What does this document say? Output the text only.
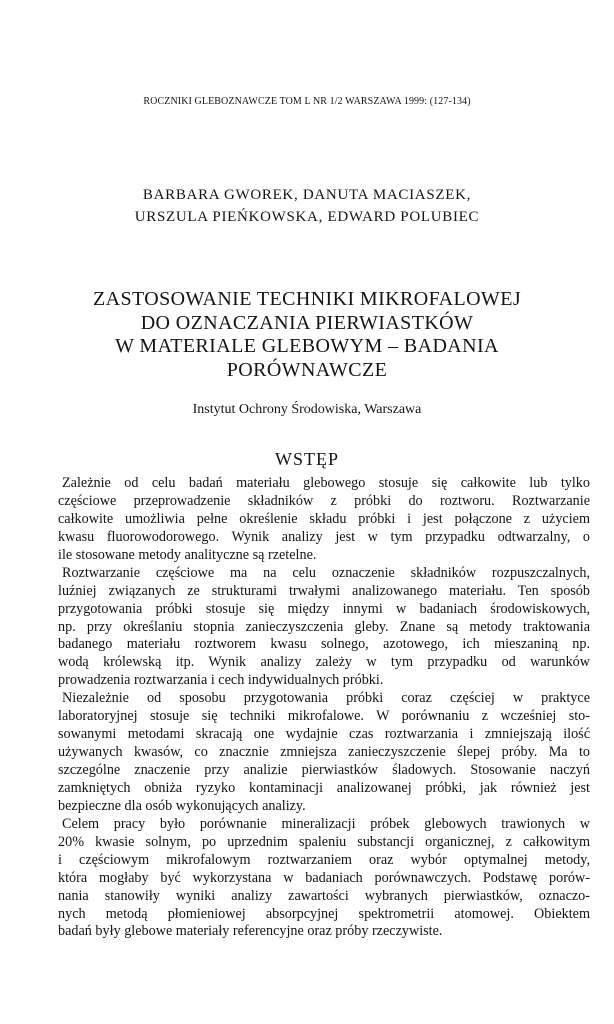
ROCZNIKI GLEBOZNAWCZE TOM L NR 1/2 WARSZAWA 1999: (127-134)
BARBARA GWOREK, DANUTA MACIASZEK,
URSZULA PIEŃKOWSKA, EDWARD POLUBIEC
ZASTOSOWANIE TECHNIKI MIKROFALOWEJ
DO OZNACZANIA PIERWIASTKÓW
W MATERIALE GLEBOWYM – BADANIA
PORÓWNAWCZE
Instytut Ochrony Środowiska, Warszawa
WSTĘP
Zależnie od celu badań materiału glebowego stosuje się całkowite lub tylko
częściowe przeprowadzenie składników z próbki do roztworu. Roztwarzanie
całkowite umożliwia pełne określenie składu próbki i jest połączone z użyciem
kwasu fluorowodorowego. Wynik analizy jest w tym przypadku odtwarzalny, o
ile stosowane metody analityczne są rzetelne.
Roztwarzanie częściowe ma na celu oznaczenie składników rozpuszczalnych,
luźniej związanych ze strukturami trwałymi analizowanego materiału. Ten sposób
przygotowania próbki stosuje się między innymi w badaniach środowiskowych,
np. przy określaniu stopnia zanieczyszczenia gleby. Znane są metody traktowania
badanego materiału roztworem kwasu solnego, azotowego, ich mieszaniną np.
wodą królewską itp. Wynik analizy zależy w tym przypadku od warunków
prowadzenia roztwarzania i cech indywidualnych próbki.
Niezależnie od sposobu przygotowania próbki coraz częściej w praktyce
laboratoryjnej stosuje się techniki mikrofalowe. W porównaniu z wcześniej sto-
sowanymi metodami skracają one wydajnie czas roztwarzania i zmniejszają ilość
używanych kwasów, co znacznie zmniejsza zanieczyszczenie ślepej próby. Ma to
szczególne znaczenie przy analizie pierwiastków śladowych. Stosowanie naczyń
zamkniętych obniża ryzyko kontaminacji analizowanej próbki, jak również jest
bezpieczne dla osób wykonujących analizy.
Celem pracy było porównanie mineralizacji próbek glebowych trawionych w
20% kwasie solnym, po uprzednim spaleniu substancji organicznej, z całkowitym
i częściowym mikrofalowym roztwarzaniem oraz wybór optymalnej metody,
która mogłaby być wykorzystana w badaniach porównawczych. Podstawę porów-
nania stanowiły wyniki analizy zawartości wybranych pierwiastków, oznaczo-
nych metodą płomieniowej absorpcyjnej spektrometrii atomowej. Obiektem
badań były glebowe materiały referencyjne oraz próby rzeczywiste.
